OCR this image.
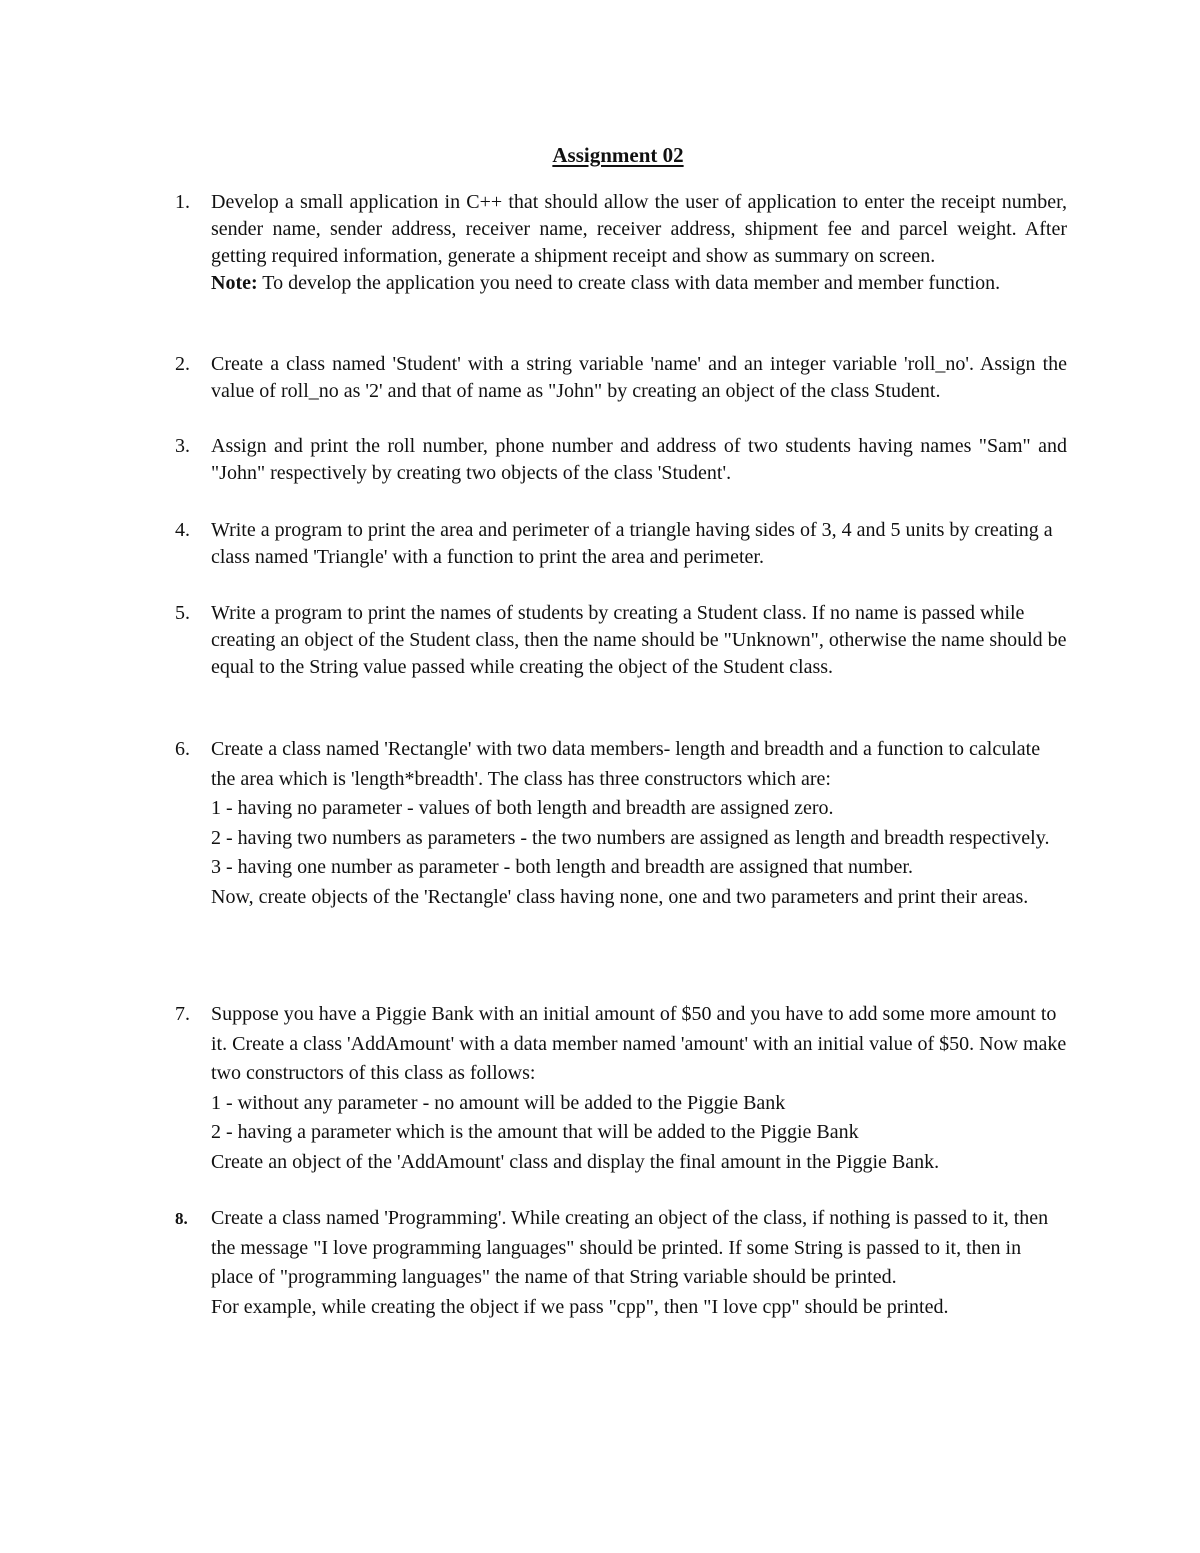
Assignment 02
1.	Develop a small application in C++ that should allow the user of application to enter the receipt number, sender name, sender address, receiver name, receiver address, shipment fee and parcel weight. After getting required information, generate a shipment receipt and show as summary on screen.

Note: To develop the application you need to create class with data member and member function.

2.	Create a class named 'Student' with a string variable 'name' and an integer variable 'roll_no'. Assign the value of roll_no as '2' and that of name as "John" by creating an object of the class Student.

3.	Assign and print the roll number, phone number and address of two students having names "Sam" and "John" respectively by creating two objects of the class 'Student'.

4.	Write a program to print the area and perimeter of a triangle having sides of 3, 4 and 5 units by creating a class named 'Triangle' with a function to print the area and perimeter.

5.	Write a program to print the names of students by creating a Student class. If no name is passed while creating an object of the Student class, then the name should be "Unknown", otherwise the name should be equal to the String value passed while creating the object of the Student class.

6.	Create a class named 'Rectangle' with two data members- length and breadth and a function to calculate the area which is 'length*breadth'. The class has three constructors which are:

1 - having no parameter - values of both length and breadth are assigned zero.

2 - having two numbers as parameters - the two numbers are assigned as length and breadth respectively.

3 - having one number as parameter - both length and breadth are assigned that number.

Now, create objects of the 'Rectangle' class having none, one and two parameters and print their areas.

7.	Suppose you have a Piggie Bank with an initial amount of $50 and you have to add some more amount to it. Create a class 'AddAmount' with a data member named 'amount' with an initial value of $50. Now make two constructors of this class as follows:

1 - without any parameter - no amount will be added to the Piggie Bank

2 - having a parameter which is the amount that will be added to the Piggie Bank

Create an object of the 'AddAmount' class and display the final amount in the Piggie Bank.

8.	Create a class named 'Programming'. While creating an object of the class, if nothing is passed to it, then the message "I love programming languages" should be printed. If some String is passed to it, then in place of "programming languages" the name of that String variable should be printed.

For example, while creating the object if we pass "cpp", then "I love cpp" should be printed.
